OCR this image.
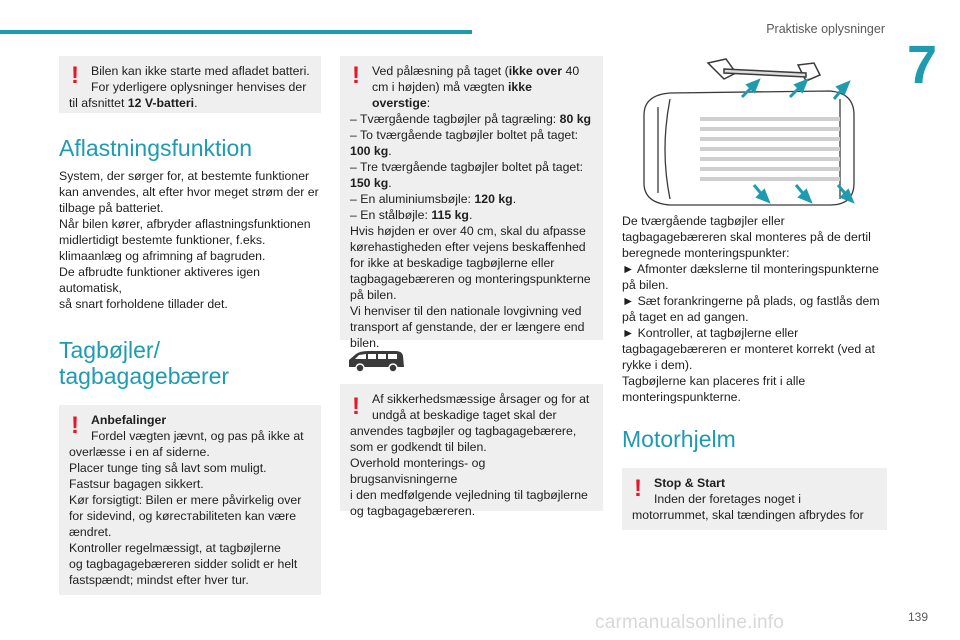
Praktiske oplysninger
7
! Bilen kan ikke starte med afladet batteri.

For yderligere oplysninger henvises der

til afsnittet 12 V-batteri.

Aflastningsfunktion

System, der sørger for, at bestemte funktioner

kan anvendes, alt efter hvor meget strøm der er

tilbage på batteriet.

Når bilen kører, afbryder aflastningsfunktionen

midlertidigt bestemte funktioner, f.eks.

klimaanlæg og afrimning af bagruden.

De afbrudte funktioner aktiveres igen automatisk,

så snart forholdene tillader det.

Tagbøjler/
tagbagagebærer
! Anbefalinger

Fordel vægten jævnt, og pas på ikke at

overlæsse i en af siderne.

Placer tunge ting så lavt som muligt.

Fastsur bagagen sikkert.

Kør forsigtigt: Bilen er mere påvirkelig over

for sidevind, og køreстabiliteten kan være

ændret.

Kontroller regelmæssigt, at tagbøjlerne

og tagbagagebæreren sidder solidt er helt

fastspændt; mindst efter hver tur.

! Ved pålæsning på taget (ikke over 40

cm i højden) må vægten ikke overstige:

– Tværgående tagbøjler på tagræling: 80 kg

– To tværgående tagbøjler boltet på taget:

100 kg.

– Tre tværgående tagbøjler boltet på taget:

150 kg.

– En aluminiumsbøjle: 120 kg.

– En stålbøjle: 115 kg.

Hvis højden er over 40 cm, skal du afpasse

kørehastigheden efter vejens beskaffenhed

for ikke at beskadige tagbøjlerne eller

tagbagagebæreren og monteringspunkterne

på bilen.

Vi henviser til den nationale lovgivning ved

transport af genstande, der er længere end

bilen.

! Af sikkerhedsmæssige årsager og for at

undgå at beskadige taget skal der

anvendes tagbøjler og tagbagagebærere,

som er godkendt til bilen.

Overhold monterings- og brugsanvisningerne

i den medfølgende vejledning til tagbøjlerne

og tagbagagebæreren.

De tværgående tagbøjler eller

tagbagagebæreren skal monteres på de dertil

beregnede monteringspunkter:

► Afmonter dækslerne til monteringspunkterne

på bilen.

► Sæt forankringerne på plads, og fastlås dem

på taget en ad gangen.

► Kontroller, at tagbøjlerne eller

tagbagagebæreren er monteret korrekt (ved at

rykke i dem).

Tagbøjlerne kan placeres frit i alle

monteringspunkterne.

Motorhjelm
! Stop & Start

Inden der foretages noget i

motorrummet, skal tændingen afbrydes for

139
carmanualsonline.info
